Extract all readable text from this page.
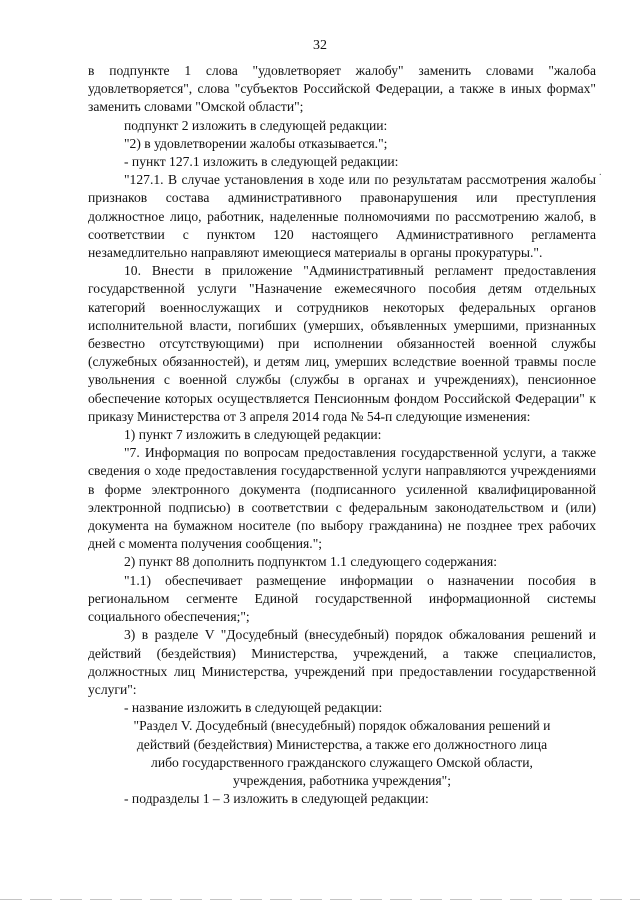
32
·

в подпункте 1 слова "удовлетворяет жалобу" заменить словами "жалоба удовлетворяется", слова "субъектов Российской Федерации, а также в иных формах" заменить словами "Омской области";

подпункт 2 изложить в следующей редакции:

"2) в удовлетворении жалобы отказывается.";

- пункт 127.1 изложить в следующей редакции:

"127.1. В случае установления в ходе или по результатам рассмотрения жалобы признаков состава административного правонарушения или преступления должностное лицо, работник, наделенные полномочиями по рассмотрению жалоб, в соответствии с пунктом 120 настоящего Административного регламента незамедлительно направляют имеющиеся материалы в органы прокуратуры.".

10. Внести в приложение "Административный регламент предоставления государственной услуги "Назначение ежемесячного пособия детям отдельных категорий военнослужащих и сотрудников некоторых федеральных органов исполнительной власти, погибших (умерших, объявленных умершими, признанных безвестно отсутствующими) при исполнении обязанностей военной службы (служебных обязанностей), и детям лиц, умерших вследствие военной травмы после увольнения с военной службы (службы в органах и учреждениях), пенсионное обеспечение которых осуществляется Пенсионным фондом Российской Федерации" к приказу Министерства от 3 апреля 2014 года № 54-п следующие изменения:

1) пункт 7 изложить в следующей редакции:

"7. Информация по вопросам предоставления государственной услуги, а также сведения о ходе предоставления государственной услуги направляются учреждениями в форме электронного документа (подписанного усиленной квалифицированной электронной подписью) в соответствии с федеральным законодательством и (или) документа на бумажном носителе (по выбору гражданина) не позднее трех рабочих дней с момента получения сообщения.";

2) пункт 88 дополнить подпунктом 1.1 следующего содержания:

"1.1) обеспечивает размещение информации о назначении пособия в региональном сегменте Единой государственной информационной системы социального обеспечения;";

3) в разделе V "Досудебный (внесудебный) порядок обжалования решений и действий (бездействия) Министерства, учреждений, а также специалистов, должностных лиц Министерства, учреждений при предоставлении государственной услуги":

- название изложить в следующей редакции:

"Раздел V. Досудебный (внесудебный) порядок обжалования решений и
действий (бездействия) Министерства, а также его должностного лица
либо государственного гражданского служащего Омской области,
учреждения, работника учреждения";

- подразделы 1 – 3 изложить в следующей редакции:
